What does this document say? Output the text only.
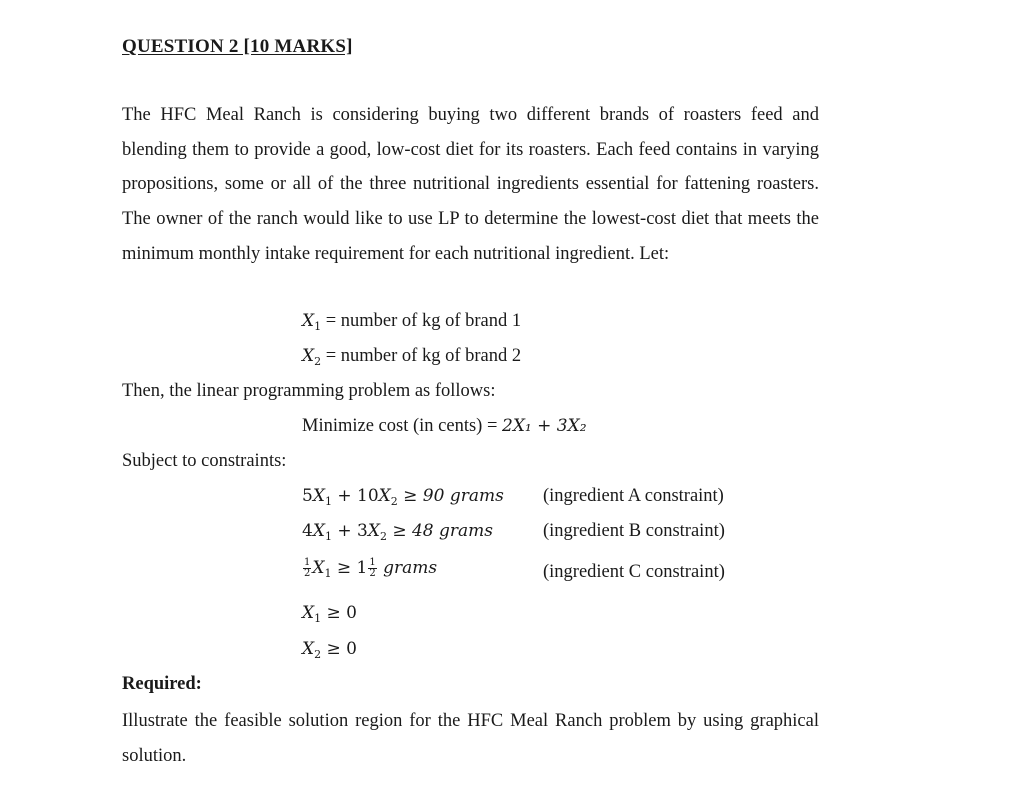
QUESTION 2 [10 MARKS]
The HFC Meal Ranch is considering buying two different brands of roasters feed and blending them to provide a good, low-cost diet for its roasters. Each feed contains in varying propositions, some or all of the three nutritional ingredients essential for fattening roasters. The owner of the ranch would like to use LP to determine the lowest-cost diet that meets the minimum monthly intake requirement for each nutritional ingredient. Let:
$X_1$ = number of kg of brand 1
$X_2$ = number of kg of brand 2
Then, the linear programming problem as follows:
Minimize cost (in cents) = 2X₁ + 3X₂
Subject to constraints:
$5X_1 + 10X_2 \ge 90$ grams (ingredient A constraint)
$4X_1 + 3X_2 \ge 48$ grams	(ingredient B constraint)
$\frac{1}{2} X_1 \ge 1 \frac{1}{2}$ grams	(ingredient C constraint)
$X_1 \ge 0$
$X_2 \ge 0$
Required:
Illustrate the feasible solution region for the HFC Meal Ranch problem by using graphical solution.
